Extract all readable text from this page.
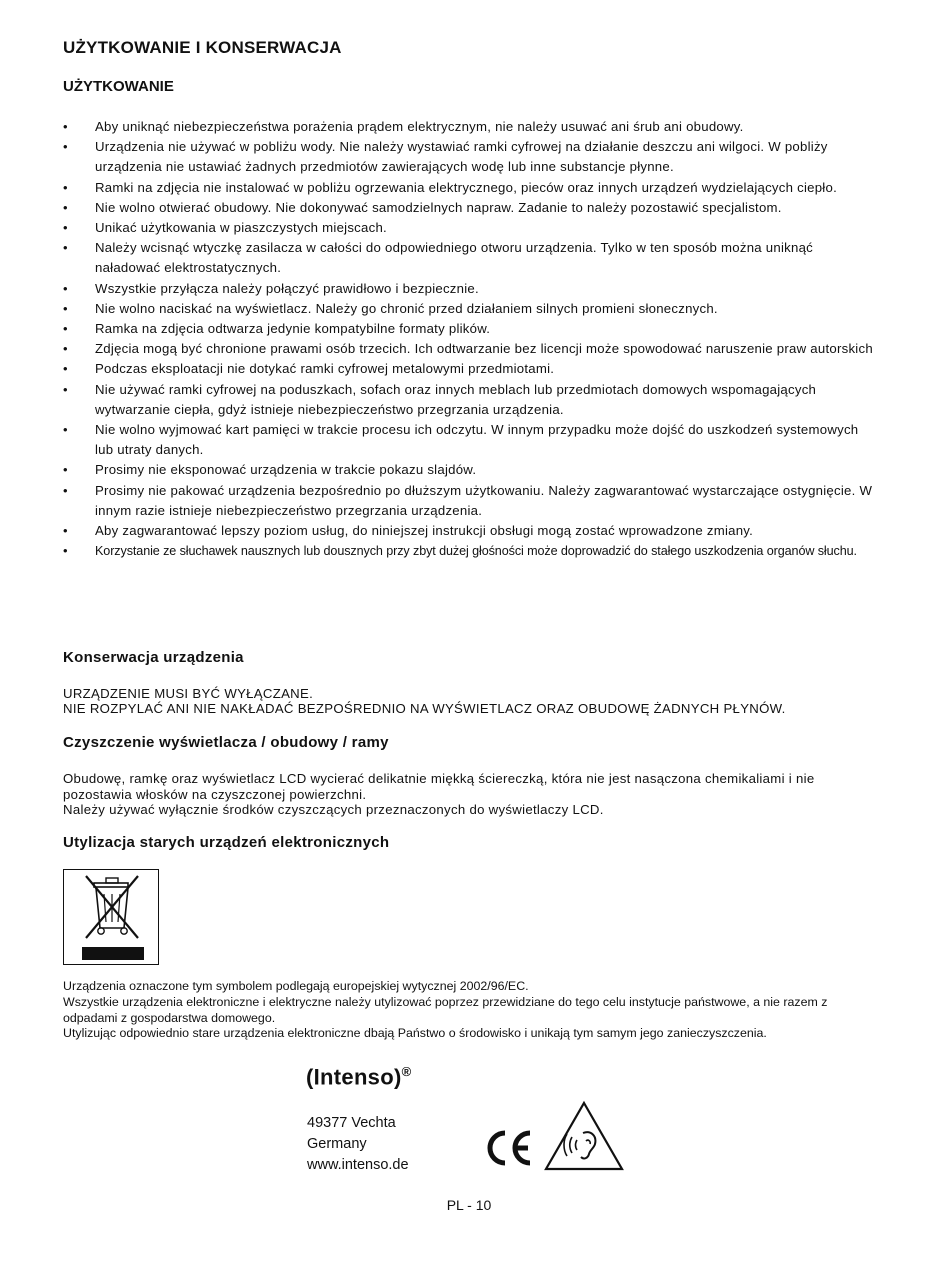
UŻYTKOWANIE I KONSERWACJA
UŻYTKOWANIE
• Aby uniknąć niebezpieczeństwa porażenia prądem elektrycznym, nie należy usuwać ani śrub ani obudowy.
• Urządzenia nie używać w pobliżu wody. Nie należy wystawiać ramki cyfrowej na działanie deszczu ani wilgoci. W pobliży urządzenia nie ustawiać żadnych przedmiotów zawierających wodę lub inne substancje płynne.
• Ramki na zdjęcia nie instalować w pobliżu ogrzewania elektrycznego, pieców oraz innych urządzeń wydzielających ciepło.
• Nie wolno otwierać obudowy. Nie dokonywać samodzielnych napraw. Zadanie to należy pozostawić specjalistom.
• Unikać użytkowania w piaszczystych miejscach.
• Należy wcisnąć wtyczkę zasilacza w całości do odpowiedniego otworu urządzenia. Tylko w ten sposób można uniknąć naładować elektrostatycznych.
• Wszystkie przyłącza należy połączyć prawidłowo i bezpiecznie.
• Nie wolno naciskać na wyświetlacz. Należy go chronić przed działaniem silnych promieni słonecznych.
• Ramka na zdjęcia odtwarza jedynie kompatybilne formaty plików.
• Zdjęcia mogą być chronione prawami osób trzecich. Ich odtwarzanie bez licencji może spowodować naruszenie praw autorskich
• Podczas eksploatacji nie dotykać ramki cyfrowej metalowymi przedmiotami.
• Nie używać ramki cyfrowej na poduszkach, sofach oraz innych meblach lub przedmiotach domowych wspomagających wytwarzanie ciepła, gdyż istnieje niebezpieczeństwo przegrzania urządzenia.
• Nie wolno wyjmować kart pamięci w trakcie procesu ich odczytu. W innym przypadku może dojść do uszkodzeń systemowych lub utraty danych.
• Prosimy nie eksponować urządzenia w trakcie pokazu slajdów.
• Prosimy nie pakować urządzenia bezpośrednio po dłuższym użytkowaniu. Należy zagwarantować wystarczające ostygnięcie. W innym razie istnieje niebezpieczeństwo przegrzania urządzenia.
• Aby zagwarantować lepszy poziom usług, do niniejszej instrukcji obsługi mogą zostać wprowadzone zmiany.
• Korzystanie ze słuchawek nausznych lub dousznych przy zbyt dużej głośności może doprowadzić do stałego uszkodzenia organów słuchu.
Konserwacja urządzenia

URZĄDZENIE MUSI BYĆ WYŁĄCZANE.

NIE ROZPYLAĆ ANI NIE NAKŁADAĆ BEZPOŚREDNIO NA WYŚWIETLACZ ORAZ OBUDOWĘ ŻADNYCH PŁYNÓW.

Czyszczenie wyświetlacza / obudowy / ramy

Obudowę, ramkę oraz wyświetlacz LCD wycierać delikatnie miękką ściereczką, która nie jest nasączona chemikaliami i nie pozostawia włosków na czyszczonej powierzchni.

Należy używać wyłącznie środków czyszczących przeznaczonych do wyświetlaczy LCD.

Utylizacja starych urządzeń elektronicznych

Urządzenia oznaczone tym symbolem podlegają europejskiej wytycznej 2002/96/EC.

Wszystkie urządzenia elektroniczne i elektryczne należy utylizować poprzez przewidziane do tego celu instytucje państwowe, a nie razem z odpadami z gospodarstwa domowego.

Utylizując odpowiednio stare urządzenia elektroniczne dbają Państwo o środowisko i unikają tym samym jego zanieczyszczenia.

(Intenso)®
49377 Vechta
Germany
www.intenso.de
PL - 10
